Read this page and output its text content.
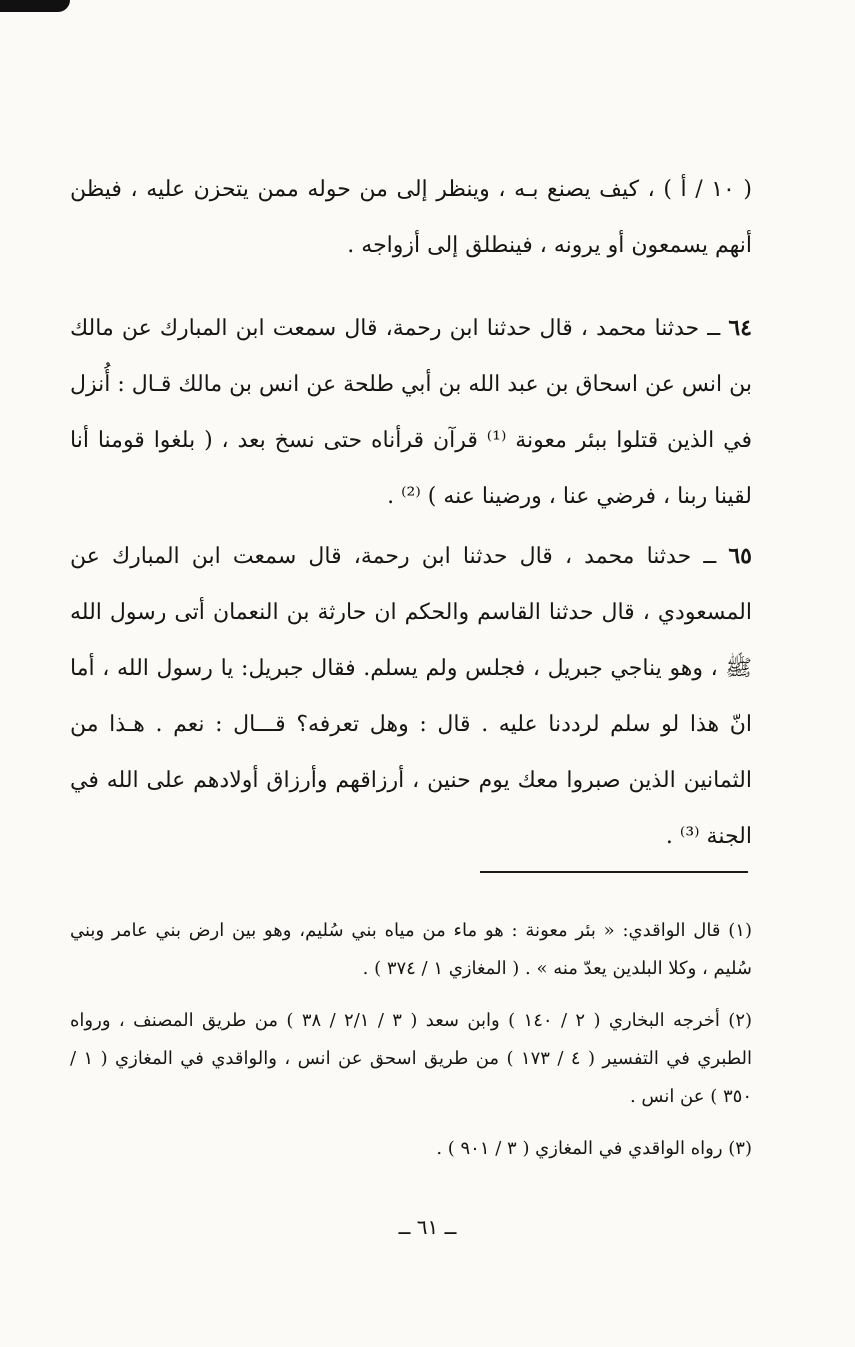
( ١٠ / أ ) ، كيف يصنع بـه ، وينظر إلى من حوله ممن يتحزن عليه ، فيظن أنهم يسمعون أو يرونه ، فينطلق إلى أزواجه .

٦٤ ــ حدثنا محمد ، قال حدثنا ابن رحمة، قال سمعت ابن المبارك عن مالك بن انس عن اسحاق بن عبد الله بن أبي طلحة عن انس بن مالك قـال : أُنزل في الذين قتلوا ببئر معونة ⁽¹⁾ قرآن قرأناه حتى نسخ بعد ، ( بلغوا قومنا أنا لقينا ربنا ، فرضي عنا ، ورضينا عنه ) ⁽²⁾ .

٦٥ ــ حدثنا محمد ، قال حدثنا ابن رحمة، قال سمعت ابن المبارك عن المسعودي ، قال حدثنا القاسم والحكم ان حارثة بن النعمان أتى رسول الله ﷺ ، وهو يناجي جبريل ، فجلس ولم يسلم. فقال جبريل: يا رسول الله ، أما انّ هذا لو سلم لرددنا عليه . قال : وهل تعرفه؟ قـــال : نعم . هـذا من الثمانين الذين صبروا معك يوم حنين ، أرزاقهم وأرزاق أولادهم على الله في الجنة ⁽³⁾ .

(١) قال الواقدي: « بئر معونة : هو ماء من مياه بني سُليم، وهو بين ارض بني عامر وبني سُليم ، وكلا البلدين يعدّ منه » . ( المغازي ١ / ٣٧٤ ) .

(٢) أخرجه البخاري ( ٢ / ١٤٠ ) وابن سعد ( ٣ / ٢/١ / ٣٨ ) من طريق المصنف ، ورواه الطبري في التفسير ( ٤ / ١٧٣ ) من طريق اسحق عن انس ، والواقدي في المغازي ( ١ / ٣٥٠ ) عن انس .

(٣) رواه الواقدي في المغازي ( ٣ / ٩٠١ ) .

ــ ٦١ ــ
